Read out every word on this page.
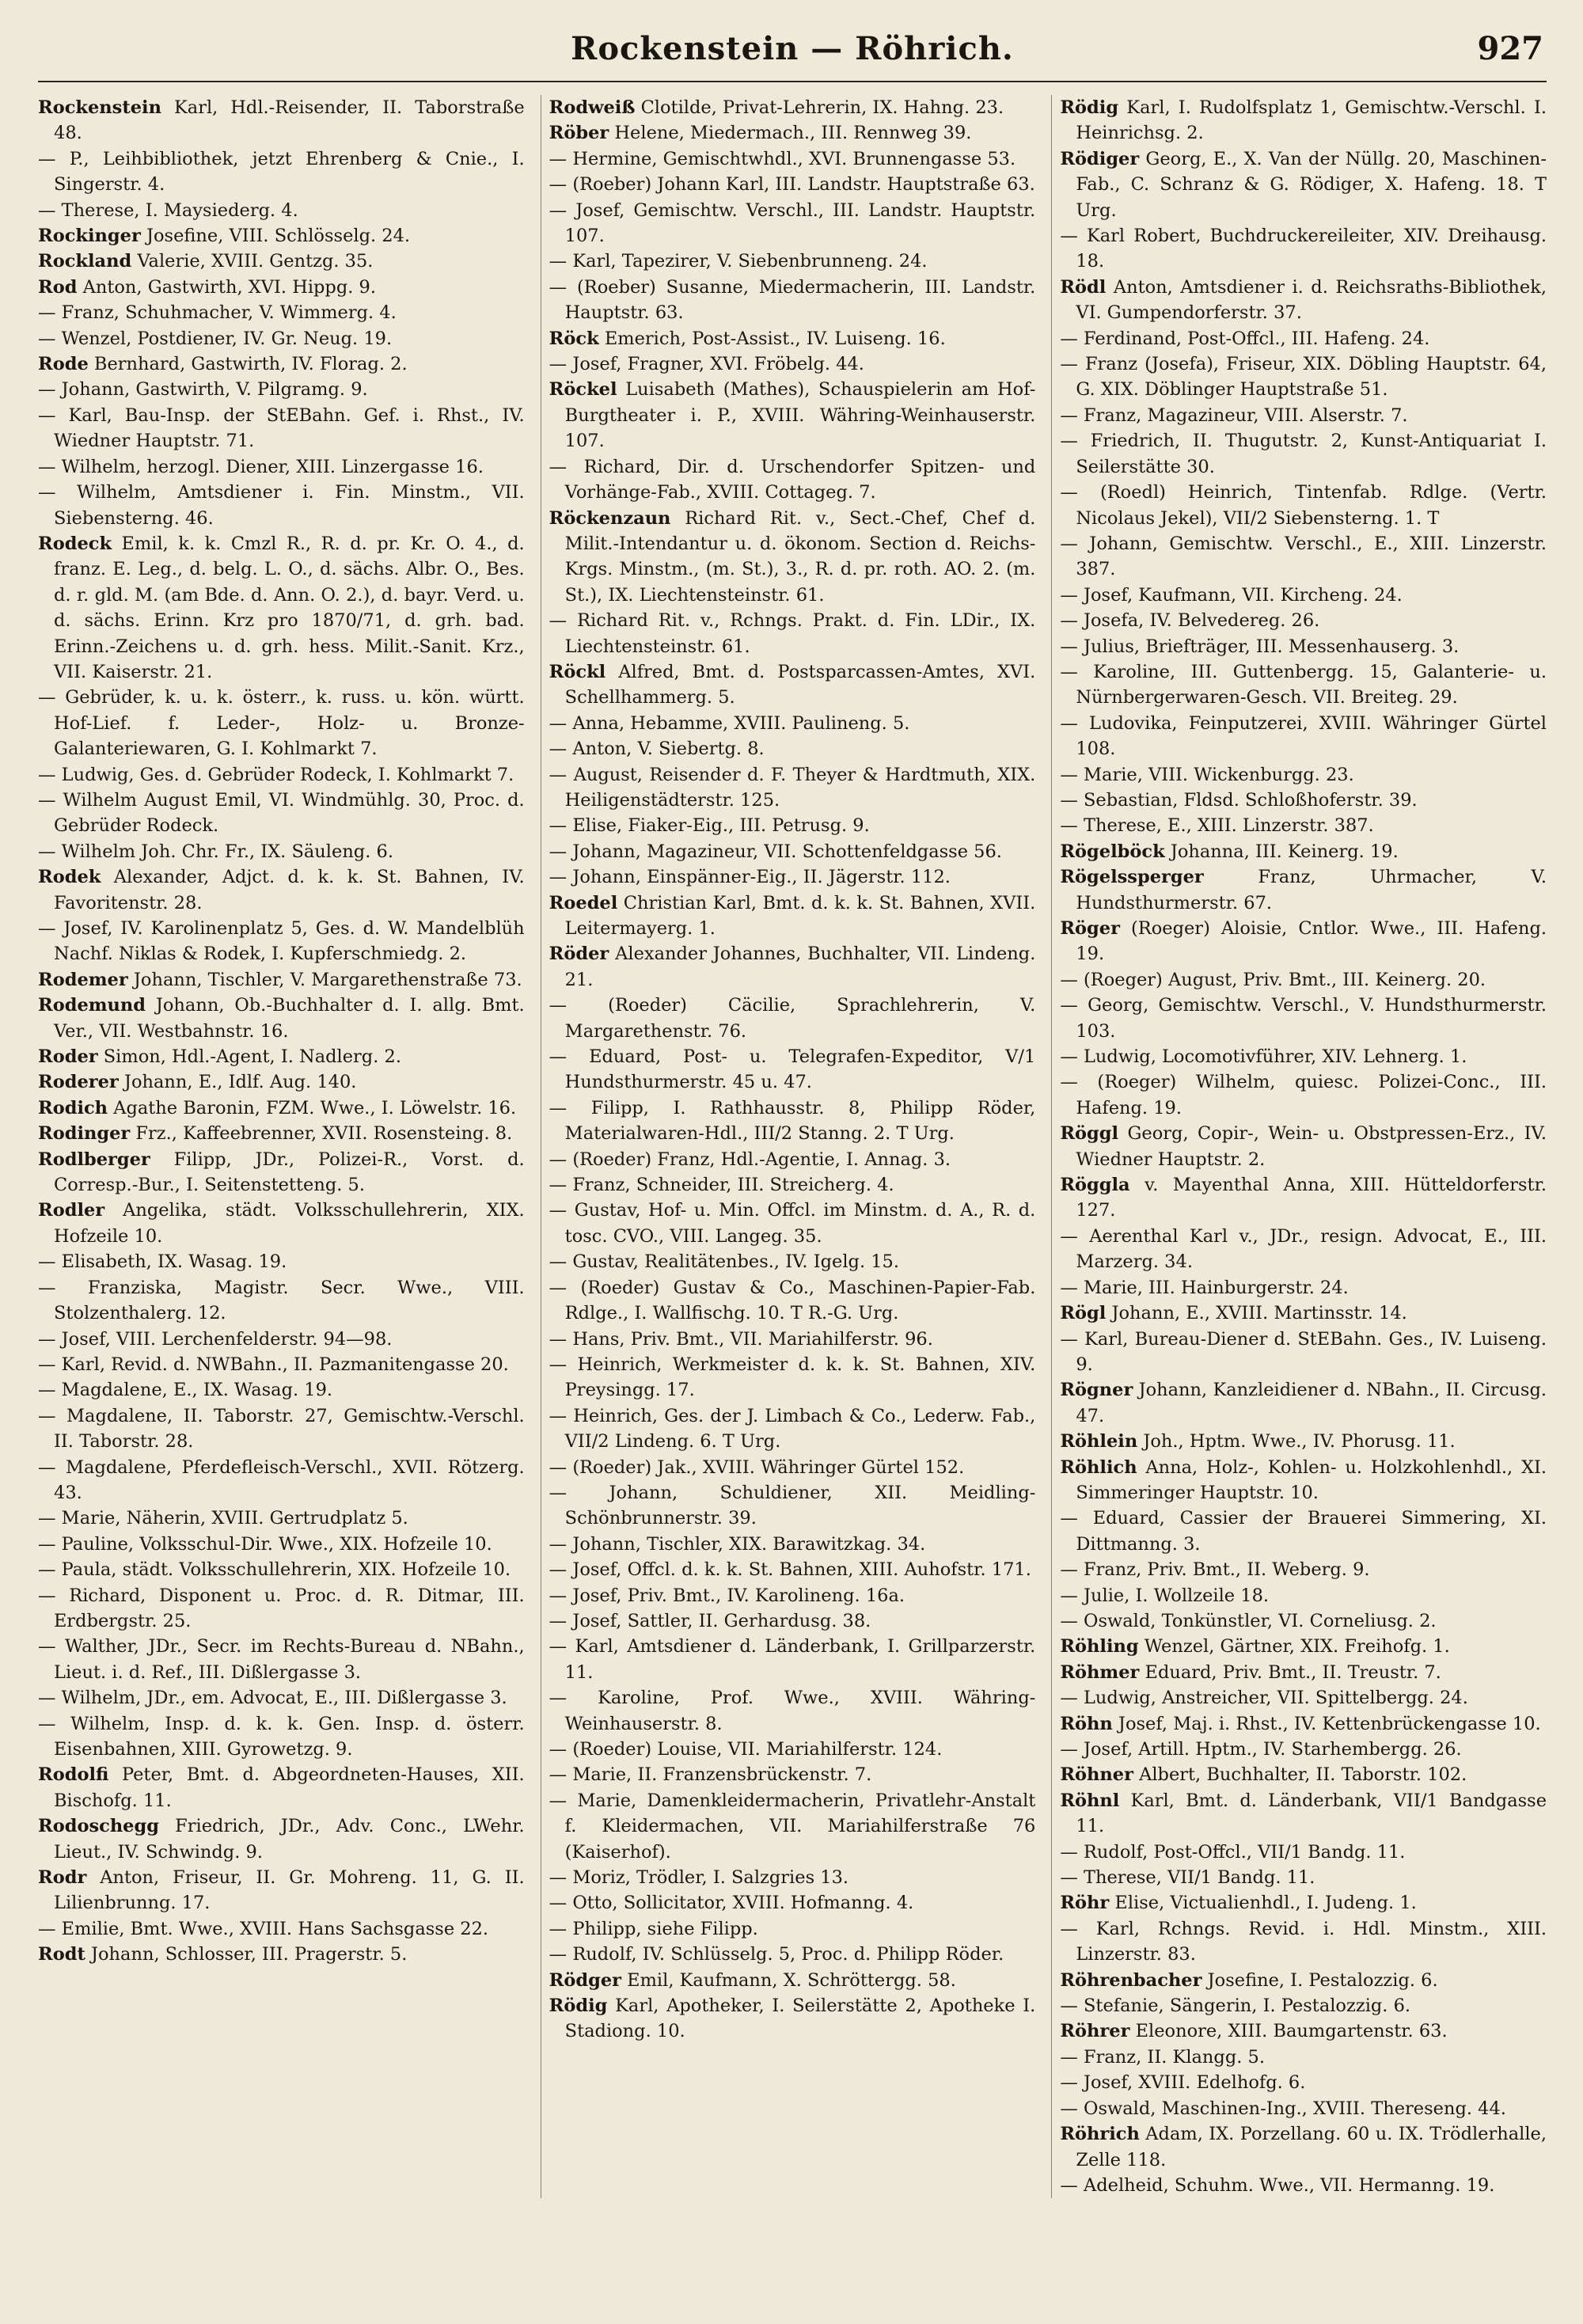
Rockenstein — Röhrich.	927
Rockenstein Karl, Hdl.-Reisender, II. Taborstraße 48.
— P., Leihbibliothek, jetzt Ehrenberg & Cnie., I. Singerstr. 4.
— Therese, I. Maysiederg. 4.
Rockinger Josefine, VIII. Schlösselg. 24.
Rockland Valerie, XVIII. Gentzg. 35.
Rod Anton, Gastwirth, XVI. Hippg. 9.
— Franz, Schuhmacher, V. Wimmerg. 4.
— Wenzel, Postdiener, IV. Gr. Neug. 19.
Rode Bernhard, Gastwirth, IV. Florag. 2.
— Johann, Gastwirth, V. Pilgramg. 9.
— Karl, Bau-Insp. der StEBahn. Gef. i. Rhst., IV. Wiedner Hauptstr. 71.
— Wilhelm, herzogl. Diener, XIII. Linzergasse 16.
— Wilhelm, Amtsdiener i. Fin. Minstm., VII. Siebensterng. 46.
Rodeck Emil, k. k. Cmzl R., R. d. pr. Kr. O. 4., d. franz. E. Leg., d. belg. L. O., d. sächs. Albr. O., Bes. d. r. gld. M. (am Bde. d. Ann. O. 2.), d. bayr. Verd. u. d. sächs. Erinn. Krz pro 1870/71, d. grh. bad. Erinn.-Zeichens u. d. grh. hess. Milit.-Sanit. Krz., VII. Kaiserstr. 21.
— Gebrüder, k. u. k. österr., k. russ. u. kön. württ. Hof-Lief. f. Leder-, Holz- u. Bronze-Galanteriewaren, G. I. Kohlmarkt 7.
— Ludwig, Ges. d. Gebrüder Rodeck, I. Kohlmarkt 7.
— Wilhelm August Emil, VI. Windmühlg. 30, Proc. d. Gebrüder Rodeck.
— Wilhelm Joh. Chr. Fr., IX. Säuleng. 6.
Rodek Alexander, Adjct. d. k. k. St. Bahnen, IV. Favoritenstr. 28.
— Josef, IV. Karolinenplatz 5, Ges. d. W. Mandelblüh Nachf. Niklas & Rodek, I. Kupferschmiedg. 2.
Rodemer Johann, Tischler, V. Margarethenstraße 73.
Rodemund Johann, Ob.-Buchhalter d. I. allg. Bmt. Ver., VII. Westbahnstr. 16.
Roder Simon, Hdl.-Agent, I. Nadlerg. 2.
Roderer Johann, E., Idlf. Aug. 140.
Rodich Agathe Baronin, FZM. Wwe., I. Löwelstr. 16.
Rodinger Frz., Kaffeebrenner, XVII. Rosensteing. 8.
Rodlberger Filipp, JDr., Polizei-R., Vorst. d. Corresp.-Bur., I. Seitenstetteng. 5.
Rodler Angelika, städt. Volksschullehrerin, XIX. Hofzeile 10.
— Elisabeth, IX. Wasag. 19.
— Franziska, Magistr. Secr. Wwe., VIII. Stolzenthalerg. 12.
— Josef, VIII. Lerchenfelderstr. 94—98.
— Karl, Revid. d. NWBahn., II. Pazmanitengasse 20.
— Magdalene, E., IX. Wasag. 19.
— Magdalene, II. Taborstr. 27, Gemischtw.-Verschl. II. Taborstr. 28.
— Magdalene, Pferdefleisch-Verschl., XVII. Rötzerg. 43.
— Marie, Näherin, XVIII. Gertrudplatz 5.
— Pauline, Volksschul-Dir. Wwe., XIX. Hofzeile 10.
— Paula, städt. Volksschullehrerin, XIX. Hofzeile 10.
— Richard, Disponent u. Proc. d. R. Ditmar, III. Erdbergstr. 25.
— Walther, JDr., Secr. im Rechts-Bureau d. NBahn., Lieut. i. d. Ref., III. Dißlergasse 3.
— Wilhelm, JDr., em. Advocat, E., III. Dißlergasse 3.
— Wilhelm, Insp. d. k. k. Gen. Insp. d. österr. Eisenbahnen, XIII. Gyrowetzg. 9.
Rodolfi Peter, Bmt. d. Abgeordneten-Hauses, XII. Bischofg. 11.
Rodoschegg Friedrich, JDr., Adv. Conc., LWehr. Lieut., IV. Schwindg. 9.
Rodr Anton, Friseur, II. Gr. Mohreng. 11, G. II. Lilienbrunng. 17.
— Emilie, Bmt. Wwe., XVIII. Hans Sachsgasse 22.
Rodt Johann, Schlosser, III. Pragerstr. 5.
Rodweiß Clotilde, Privat-Lehrerin, IX. Hahng. 23.
Röber Helene, Miedermach., III. Rennweg 39.
— Hermine, Gemischtwhdl., XVI. Brunnengasse 53.
— (Roeber) Johann Karl, III. Landstr. Hauptstraße 63.
— Josef, Gemischtw. Verschl., III. Landstr. Hauptstr. 107.
— Karl, Tapezirer, V. Siebenbrunneng. 24.
— (Roeber) Susanne, Miedermacherin, III. Landstr. Hauptstr. 63.
Röck Emerich, Post-Assist., IV. Luiseng. 16.
— Josef, Fragner, XVI. Fröbelg. 44.
Röckel Luisabeth (Mathes), Schauspielerin am Hof-Burgtheater i. P., XVIII. Währing-Weinhauserstr. 107.
— Richard, Dir. d. Urschendorfer Spitzen- und Vorhänge-Fab., XVIII. Cottageg. 7.
Röckenzaun Richard Rit. v., Sect.-Chef, Chef d. Milit.-Intendantur u. d. ökonom. Section d. Reichs-Krgs. Minstm., (m. St.), 3., R. d. pr. roth. AO. 2. (m. St.), IX. Liechtensteinstr. 61.
— Richard Rit. v., Rchngs. Prakt. d. Fin. LDir., IX. Liechtensteinstr. 61.
Röckl Alfred, Bmt. d. Postsparcassen-Amtes, XVI. Schellhammerg. 5.
— Anna, Hebamme, XVIII. Paulineng. 5.
— Anton, V. Siebertg. 8.
— August, Reisender d. F. Theyer & Hardtmuth, XIX. Heiligenstädterstr. 125.
— Elise, Fiaker-Eig., III. Petrusg. 9.
— Johann, Magazineur, VII. Schottenfeldgasse 56.
— Johann, Einspänner-Eig., II. Jägerstr. 112.
Roedel Christian Karl, Bmt. d. k. k. St. Bahnen, XVII. Leitermayerg. 1.
Röder Alexander Johannes, Buchhalter, VII. Lindeng. 21.
— (Roeder) Cäcilie, Sprachlehrerin, V. Margarethenstr. 76.
— Eduard, Post- u. Telegrafen-Expeditor, V/1 Hundsthurmerstr. 45 u. 47.
— Filipp, I. Rathhausstr. 8, Philipp Röder, Materialwaren-Hdl., III/2 Stanng. 2. T Urg.
— (Roeder) Franz, Hdl.-Agentie, I. Annag. 3.
— Franz, Schneider, III. Streicherg. 4.
— Gustav, Hof- u. Min. Offcl. im Minstm. d. A., R. d. tosc. CVO., VIII. Langeg. 35.
— Gustav, Realitätenbes., IV. Igelg. 15.
— (Roeder) Gustav & Co., Maschinen-Papier-Fab. Rdlge., I. Wallfischg. 10. T R.-G. Urg.
— Hans, Priv. Bmt., VII. Mariahilferstr. 96.
— Heinrich, Werkmeister d. k. k. St. Bahnen, XIV. Preysingg. 17.
— Heinrich, Ges. der J. Limbach & Co., Lederw. Fab., VII/2 Lindeng. 6. T Urg.
— (Roeder) Jak., XVIII. Währinger Gürtel 152.
— Johann, Schuldiener, XII. Meidling-Schönbrunnerstr. 39.
— Johann, Tischler, XIX. Barawitzkag. 34.
— Josef, Offcl. d. k. k. St. Bahnen, XIII. Auhofstr. 171.
— Josef, Priv. Bmt., IV. Karolineng. 16a.
— Josef, Sattler, II. Gerhardusg. 38.
— Karl, Amtsdiener d. Länderbank, I. Grillparzerstr. 11.
— Karoline, Prof. Wwe., XVIII. Währing-Weinhauserstr. 8.
— (Roeder) Louise, VII. Mariahilferstr. 124.
— Marie, II. Franzensbrückenstr. 7.
— Marie, Damenkleidermacherin, Privatlehr-Anstalt f. Kleidermachen, VII. Mariahilferstraße 76 (Kaiserhof).
— Moriz, Trödler, I. Salzgries 13.
— Otto, Sollicitator, XVIII. Hofmanng. 4.
— Philipp, siehe Filipp.
— Rudolf, IV. Schlüsselg. 5, Proc. d. Philipp Röder.
Rödger Emil, Kaufmann, X. Schröttergg. 58.
Rödig Karl, Apotheker, I. Seilerstätte 2, Apotheke I. Stadiong. 10.
Rödig Karl, I. Rudolfsplatz 1, Gemischtw.-Verschl. I. Heinrichsg. 2.
Rödiger Georg, E., X. Van der Nüllg. 20, Maschinen-Fab., C. Schranz & G. Rödiger, X. Hafeng. 18. T Urg.
— Karl Robert, Buchdruckereileiter, XIV. Dreihausg. 18.
Rödl Anton, Amtsdiener i. d. Reichsraths-Bibliothek, VI. Gumpendorferstr. 37.
— Ferdinand, Post-Offcl., III. Hafeng. 24.
— Franz (Josefa), Friseur, XIX. Döbling Hauptstr. 64, G. XIX. Döblinger Hauptstraße 51.
— Franz, Magazineur, VIII. Alserstr. 7.
— Friedrich, II. Thugutstr. 2, Kunst-Antiquariat I. Seilerstätte 30.
— (Roedl) Heinrich, Tintenfab. Rdlge. (Vertr. Nicolaus Jekel), VII/2 Siebensterng. 1. T
— Johann, Gemischtw. Verschl., E., XIII. Linzerstr. 387.
— Josef, Kaufmann, VII. Kircheng. 24.
— Josefa, IV. Belvedereg. 26.
— Julius, Briefträger, III. Messenhauserg. 3.
— Karoline, III. Guttenbergg. 15, Galanterie- u. Nürnbergerwaren-Gesch. VII. Breiteg. 29.
— Ludovika, Feinputzerei, XVIII. Währinger Gürtel 108.
— Marie, VIII. Wickenburgg. 23.
— Sebastian, Fldsd. Schloßhoferstr. 39.
— Therese, E., XIII. Linzerstr. 387.
Rögelböck Johanna, III. Keinerg. 19.
Rögelssperger Franz, Uhrmacher, V. Hundsthurmerstr. 67.
Röger (Roeger) Aloisie, Cntlor. Wwe., III. Hafeng. 19.
— (Roeger) August, Priv. Bmt., III. Keinerg. 20.
— Georg, Gemischtw. Verschl., V. Hundsthurmerstr. 103.
— Ludwig, Locomotivführer, XIV. Lehnerg. 1.
— (Roeger) Wilhelm, quiesc. Polizei-Conc., III. Hafeng. 19.
Röggl Georg, Copir-, Wein- u. Obstpressen-Erz., IV. Wiedner Hauptstr. 2.
Röggla v. Mayenthal Anna, XIII. Hütteldorferstr. 127.
— Aerenthal Karl v., JDr., resign. Advocat, E., III. Marzerg. 34.
— Marie, III. Hainburgerstr. 24.
Rögl Johann, E., XVIII. Martinsstr. 14.
— Karl, Bureau-Diener d. StEBahn. Ges., IV. Luiseng. 9.
Rögner Johann, Kanzleidiener d. NBahn., II. Circusg. 47.
Röhlein Joh., Hptm. Wwe., IV. Phorusg. 11.
Röhlich Anna, Holz-, Kohlen- u. Holzkohlenhdl., XI. Simmeringer Hauptstr. 10.
— Eduard, Cassier der Brauerei Simmering, XI. Dittmanng. 3.
— Franz, Priv. Bmt., II. Weberg. 9.
— Julie, I. Wollzeile 18.
— Oswald, Tonkünstler, VI. Corneliusg. 2.
Röhling Wenzel, Gärtner, XIX. Freihofg. 1.
Röhmer Eduard, Priv. Bmt., II. Treustr. 7.
— Ludwig, Anstreicher, VII. Spittelbergg. 24.
Röhn Josef, Maj. i. Rhst., IV. Kettenbrückengasse 10.
— Josef, Artill. Hptm., IV. Starhembergg. 26.
Röhner Albert, Buchhalter, II. Taborstr. 102.
Röhnl Karl, Bmt. d. Länderbank, VII/1 Bandgasse 11.
— Rudolf, Post-Offcl., VII/1 Bandg. 11.
— Therese, VII/1 Bandg. 11.
Röhr Elise, Victualienhdl., I. Judeng. 1.
— Karl, Rchngs. Revid. i. Hdl. Minstm., XIII. Linzerstr. 83.
Röhrenbacher Josefine, I. Pestalozzig. 6.
— Stefanie, Sängerin, I. Pestalozzig. 6.
Röhrer Eleonore, XIII. Baumgartenstr. 63.
— Franz, II. Klangg. 5.
— Josef, XVIII. Edelhofg. 6.
— Oswald, Maschinen-Ing., XVIII. Thereseng. 44.
Röhrich Adam, IX. Porzellang. 60 u. IX. Trödlerhalle, Zelle 118.
— Adelheid, Schuhm. Wwe., VII. Hermanng. 19.
